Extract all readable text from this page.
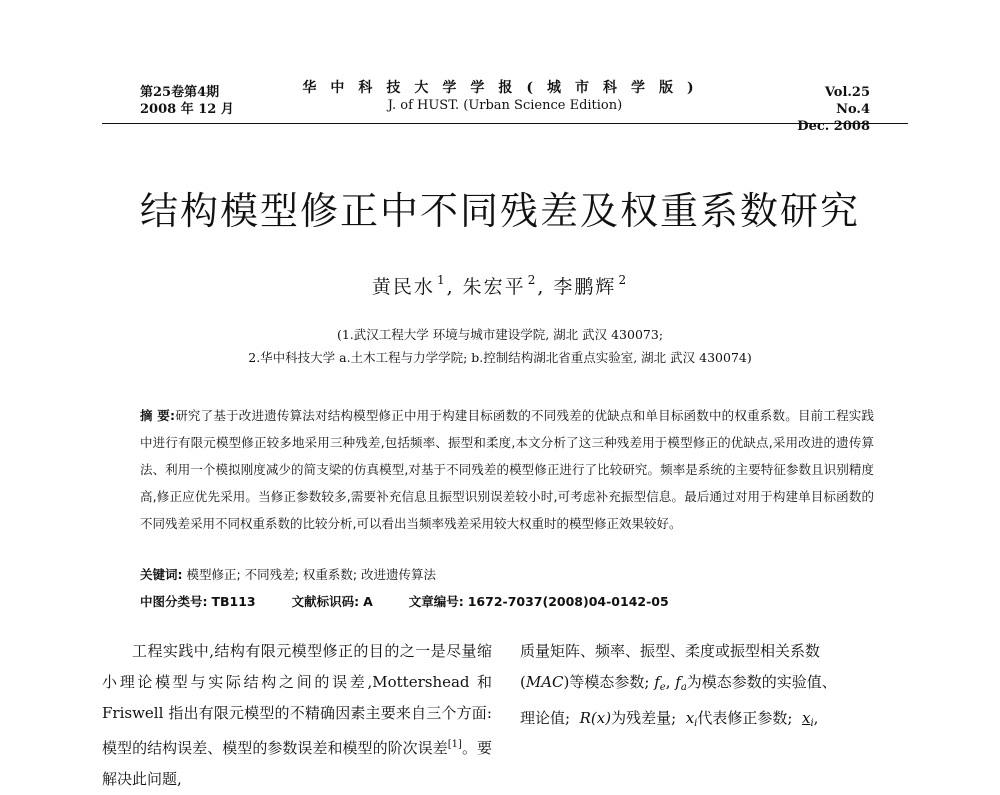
第25卷第4期
2008 年 12 月
华中科技大学学报(城市科学版)
J. of HUST. (Urban Science Edition)
Vol.25 No.4
Dec. 2008
结构模型修正中不同残差及权重系数研究
黄民水 $^1$, 朱宏平 $^2$, 李鹏辉 $^2$
(1.武汉工程大学 环境与城市建设学院, 湖北 武汉 430073;
2.华中科技大学 a.土木工程与力学学院; b.控制结构湖北省重点实验室, 湖北 武汉 430074)
摘 要:研究了基于改进遗传算法对结构模型修正中用于构建目标函数的不同残差的优缺点和单目标函数中的权重系数。目前工程实践中进行有限元模型修正较多地采用三种残差,包括频率、振型和柔度,本文分析了这三种残差用于模型修正的优缺点,采用改进的遗传算法、利用一个模拟刚度减少的简支梁的仿真模型,对基于不同残差的模型修正进行了比较研究。频率是系统的主要特征参数且识别精度高,修正应优先采用。当修正参数较多,需要补充信息且振型识别误差较小时,可考虑补充振型信息。最后通过对用于构建单目标函数的不同残差采用不同权重系数的比较分析,可以看出当频率残差采用较大权重时的模型修正效果较好。
关键词: 模型修正; 不同残差; 权重系数; 改进遗传算法
中图分类号: TB113	文献标识码: A	文章编号: 1672-7037(2008)04-0142-05

工程实践中,结构有限元模型修正的目的之一是尽量缩小理论模型与实际结构之间的误差,Mottershead 和 Friswell 指出有限元模型的不精确因素主要来自三个方面:模型的结构误差、模型的参数误差和模型的阶次误差[1]。要解决此问题,

质量矩阵、频率、振型、柔度或振型相关系数

(MAC)等模态参数; $f_e$, $f_a$为模态参数的实验值、

理论值; R(x)为残差量; $x_i$代表修正参数; $x_i$,
